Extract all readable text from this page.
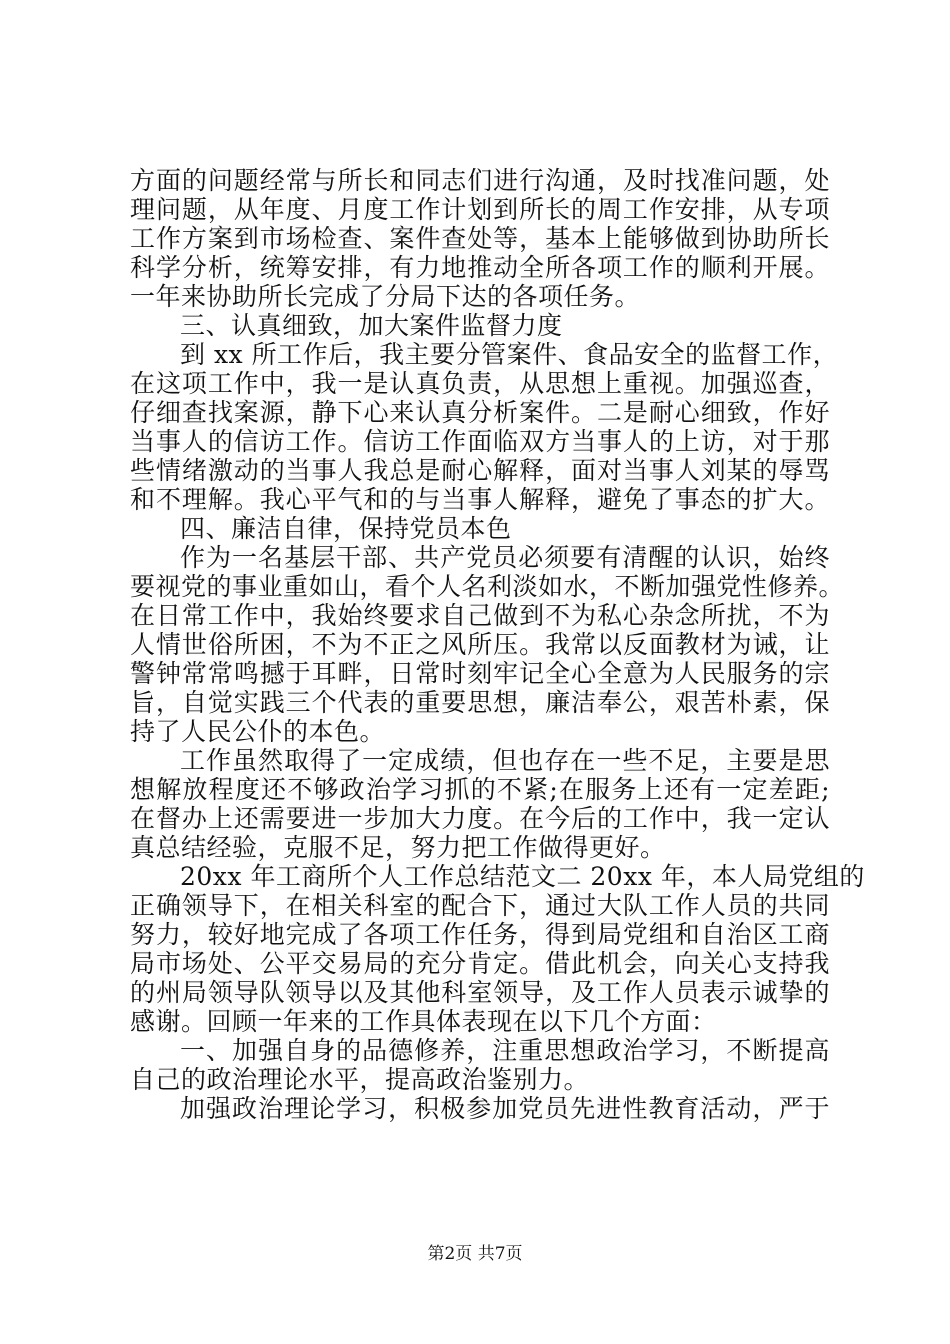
方面的问题经常与所长和同志们进行沟通，及时找准问题，处
理问题，从年度、月度工作计划到所长的周工作安排，从专项
工作方案到市场检查、案件查处等，基本上能够做到协助所长
科学分析，统筹安排，有力地推动全所各项工作的顺利开展。
一年来协助所长完成了分局下达的各项任务。
三、认真细致，加大案件监督力度
到 xx 所工作后，我主要分管案件、食品安全的监督工作，
在这项工作中，我一是认真负责，从思想上重视。加强巡查，
仔细查找案源，静下心来认真分析案件。二是耐心细致，作好
当事人的信访工作。信访工作面临双方当事人的上访，对于那
些情绪激动的当事人我总是耐心解释，面对当事人刘某的辱骂
和不理解。我心平气和的与当事人解释，避免了事态的扩大。
四、廉洁自律，保持党员本色
作为一名基层干部、共产党员必须要有清醒的认识，始终
要视党的事业重如山，看个人名利淡如水，不断加强党性修养。
在日常工作中，我始终要求自己做到不为私心杂念所扰，不为
人情世俗所困，不为不正之风所压。我常以反面教材为诫，让
警钟常常鸣撼于耳畔，日常时刻牢记全心全意为人民服务的宗
旨，自觉实践三个代表的重要思想，廉洁奉公，艰苦朴素，保
持了人民公仆的本色。
工作虽然取得了一定成绩，但也存在一些不足，主要是思
想解放程度还不够政治学习抓的不紧;在服务上还有一定差距;
在督办上还需要进一步加大力度。在今后的工作中，我一定认
真总结经验，克服不足，努力把工作做得更好。
20xx 年工商所个人工作总结范文二 20xx 年，本人局党组的
正确领导下，在相关科室的配合下，通过大队工作人员的共同
努力，较好地完成了各项工作任务，得到局党组和自治区工商
局市场处、公平交易局的充分肯定。借此机会，向关心支持我
的州局领导队领导以及其他科室领导，及工作人员表示诚挚的
感谢。回顾一年来的工作具体表现在以下几个方面：
一、加强自身的品德修养，注重思想政治学习，不断提高
自己的政治理论水平，提高政治鉴别力。
加强政治理论学习，积极参加党员先进性教育活动，严于
第2页 共7页
